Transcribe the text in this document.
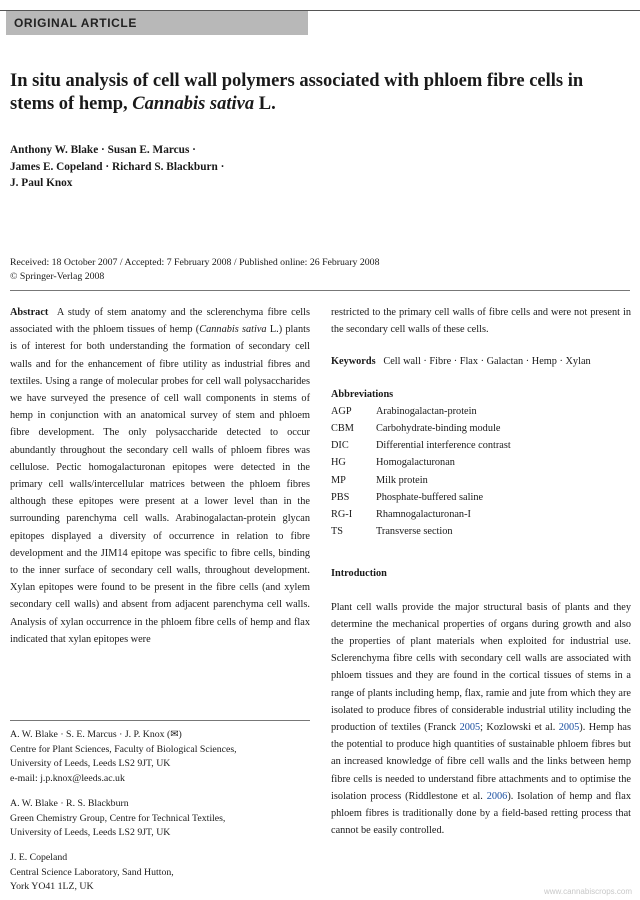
ORIGINAL ARTICLE
In situ analysis of cell wall polymers associated with phloem fibre cells in stems of hemp, Cannabis sativa L.
Anthony W. Blake · Susan E. Marcus ·
James E. Copeland · Richard S. Blackburn ·
J. Paul Knox
Received: 18 October 2007 / Accepted: 7 February 2008 / Published online: 26 February 2008
© Springer-Verlag 2008

Abstract A study of stem anatomy and the sclerenchyma fibre cells associated with the phloem tissues of hemp (Cannabis sativa L.) plants is of interest for both understanding the formation of secondary cell walls and for the enhancement of fibre utility as industrial fibres and textiles. Using a range of molecular probes for cell wall polysaccharides we have surveyed the presence of cell wall components in stems of hemp in conjunction with an anatomical survey of stem and phloem fibre development. The only polysaccharide detected to occur abundantly throughout the secondary cell walls of phloem fibres was cellulose. Pectic homogalacturonan epitopes were detected in the primary cell walls/intercellular matrices between the phloem fibres although these epitopes were present at a lower level than in the surrounding parenchyma cell walls. Arabinogalactan-protein glycan epitopes displayed a diversity of occurrence in relation to fibre development and the JIM14 epitope was specific to fibre cells, binding to the inner surface of secondary cell walls, throughout development. Xylan epitopes were found to be present in the fibre cells (and xylem secondary cell walls) and absent from adjacent parenchyma cell walls. Analysis of xylan occurrence in the phloem fibre cells of hemp and flax indicated that xylan epitopes were

restricted to the primary cell walls of fibre cells and were not present in the secondary cell walls of these cells.

Keywords Cell wall · Fibre · Flax · Galactan · Hemp · Xylan

Abbreviations
AGP	Arabinogalactan-protein
CBM	Carbohydrate-binding module
DIC	Differential interference contrast
HG	Homogalacturonan
MP	Milk protein
PBS	Phosphate-buffered saline
RG-I	Rhamnogalacturonan-I
TS	Transverse section
Introduction

Plant cell walls provide the major structural basis of plants and they determine the mechanical properties of organs during growth and also the properties of plant materials when exploited for industrial use. Sclerenchyma fibre cells with secondary cell walls are associated with phloem tissues and they are found in the cortical tissues of stems in a range of plants including hemp, flax, ramie and jute from which they are isolated to produce fibres of considerable industrial utility including the production of textiles (Franck 2005; Kozlowski et al. 2005). Hemp has the potential to produce high quantities of sustainable phloem fibres but an increased knowledge of fibre cell walls and the links between hemp fibre cells is needed to understand fibre attachments and to optimise the isolation process (Riddlestone et al. 2006). Isolation of hemp and flax phloem fibres is traditionally done by a field-based retting process that cannot be easily controlled.

A. W. Blake · S. E. Marcus · J. P. Knox (✉)
Centre for Plant Sciences, Faculty of Biological Sciences,
University of Leeds, Leeds LS2 9JT, UK
e-mail: j.p.knox@leeds.ac.uk
A. W. Blake · R. S. Blackburn
Green Chemistry Group, Centre for Technical Textiles,
University of Leeds, Leeds LS2 9JT, UK
J. E. Copeland
Central Science Laboratory, Sand Hutton,
York YO41 1LZ, UK	www.cannabiscrops.com
